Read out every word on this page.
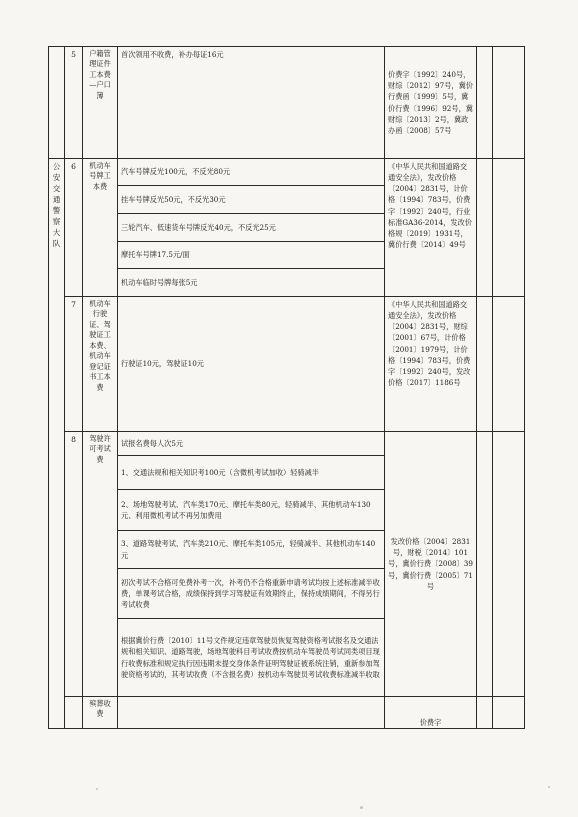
	5	户籍管理证件工本费—户口簿	首次领用不收费，补办每证16元	价费字〔1992〕240号，财综〔2012〕97号，冀价行费函〔1999〕5号，冀价行费〔1996〕92号，冀财综〔2013〕2号，冀政办函〔2008〕57号		
公安交通警察大队	6	机动车号牌工本费	汽车号牌反光100元，不反光80元	《中华人民共和国道路交通安全法》，发改价格〔2004〕2831号，计价格〔1994〕783号，价费字〔1992〕240号，行业标准GA36-2014，发改价格规〔2019〕1931号，冀价行费〔2014〕49号		
			挂车号牌反光50元，不反光30元			
			三轮汽车、低速货车号牌反光40元，不反光25元			
			摩托车号牌17.5元/面			
			机动车临时号牌每张5元			
	7	机动车行驶证、驾驶证工本费、机动车登记证书工本费	行驶证10元，驾驶证10元	《中华人民共和国道路交通安全法》，发改价格〔2004〕2831号，财综〔2001〕67号，计价格〔2001〕1979号，计价格〔1994〕783号，价费字〔1992〕240号，发改价格〔2017〕1186号		
	8	驾驶许可考试费	试报名费每人次5元	发改价格〔2004〕2831号，财税〔2014〕101号，冀价行费〔2008〕39号，冀价行费〔2005〕71号		
			1、交通法规和相关知识考100元（含微机考试加收）轻骑减半			
			2、场地驾驶考试、汽车类170元、摩托车类80元，轻骑减半、其他机动车130元、利用微机考试不再另加费用			
			3、道路驾驶考试、汽车类210元、摩托车类105元，轻骑减半、其他机动车140元			
			初次考试不合格可免费补考一次，补考仍不合格重新申请考试均按上述标准减半收费，单课考试合格，成绩保持到学习驾驶证有效期终止，保持成绩期间，不得另行考试收费			
			根据冀价行费〔2010〕11号文件规定违章驾驶员恢复驾驶资格考试报名及交通法规和相关知识、道路驾驶，场地驾驶科目考试收费按机动车驾驶员考试同类项目现行收费标准和规定执行因违期未提交身体条件证明驾驶证被系统注销，重新参加驾驶资格考试的，其考试收费（不含报名费）按机动车驾驶员考试收费标准减半收取			
		殡葬收费		价费字		
